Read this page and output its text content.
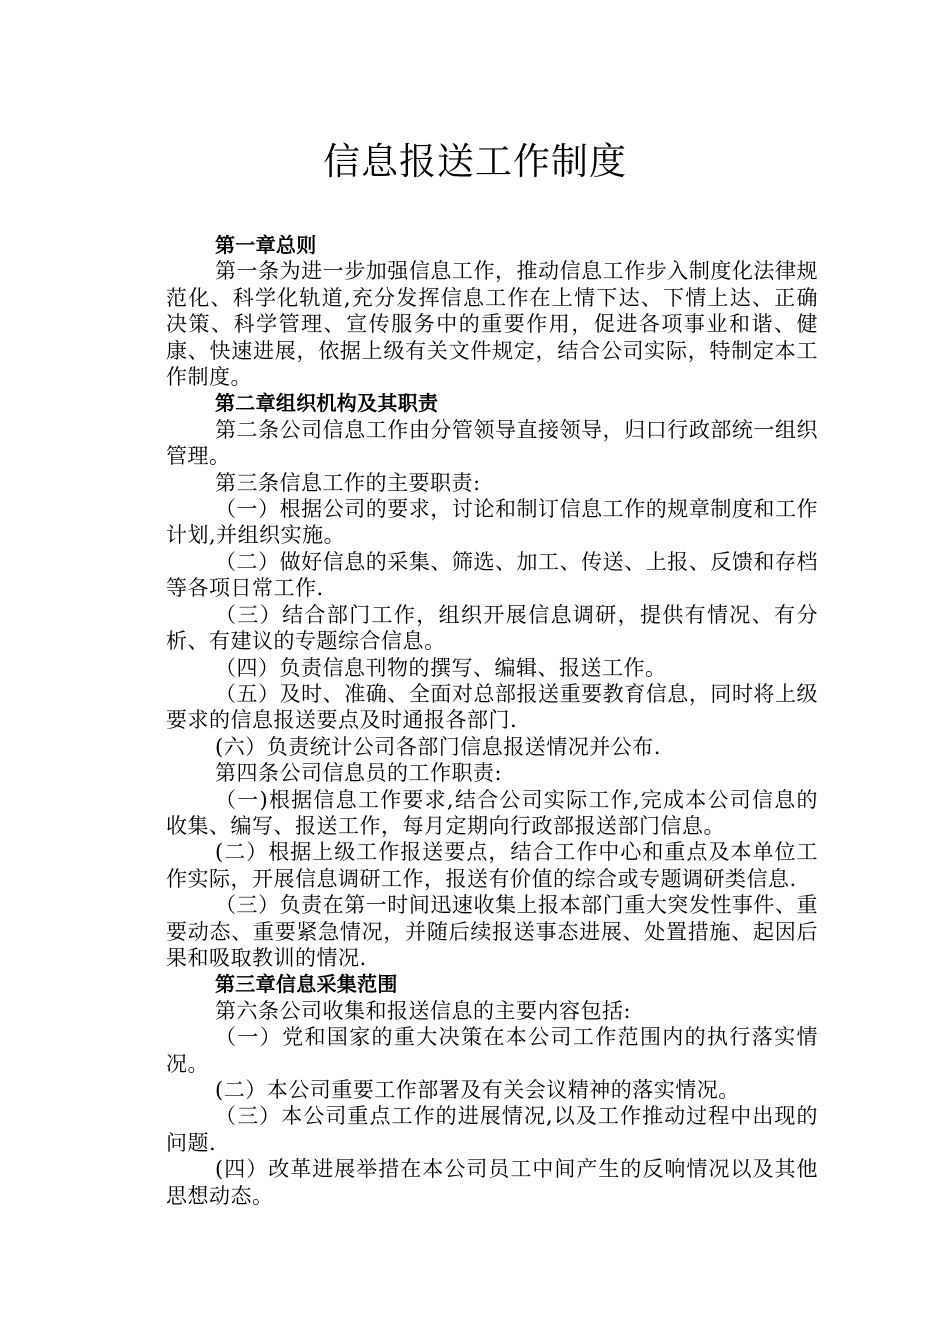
信息报送工作制度

第一章总则

第一条为进一步加强信息工作，推动信息工作步入制度化法律规范化、科学化轨道,充分发挥信息工作在上情下达、下情上达、正确决策、科学管理、宣传服务中的重要作用，促进各项事业和谐、健康、快速进展，依据上级有关文件规定，结合公司实际，特制定本工作制度。

第二章组织机构及其职责

第二条公司信息工作由分管领导直接领导，归口行政部统一组织管理。

第三条信息工作的主要职责:

（一）根据公司的要求，讨论和制订信息工作的规章制度和工作计划,并组织实施。

（二）做好信息的采集、筛选、加工、传送、上报、反馈和存档等各项日常工作.

（三）结合部门工作，组织开展信息调研，提供有情况、有分析、有建议的专题综合信息。

（四）负责信息刊物的撰写、编辑、报送工作。

（五）及时、准确、全面对总部报送重要教育信息，同时将上级要求的信息报送要点及时通报各部门.

(六）负责统计公司各部门信息报送情况并公布.

第四条公司信息员的工作职责:

（一)根据信息工作要求,结合公司实际工作,完成本公司信息的收集、编写、报送工作，每月定期向行政部报送部门信息。

(二）根据上级工作报送要点，结合工作中心和重点及本单位工作实际，开展信息调研工作，报送有价值的综合或专题调研类信息.

（三）负责在第一时间迅速收集上报本部门重大突发性事件、重要动态、重要紧急情况，并随后续报送事态进展、处置措施、起因后果和吸取教训的情况.

第三章信息采集范围

第六条公司收集和报送信息的主要内容包括:

（一）党和国家的重大决策在本公司工作范围内的执行落实情况。

(二）本公司重要工作部署及有关会议精神的落实情况。

（三）本公司重点工作的进展情况,以及工作推动过程中出现的问题.

(四）改革进展举措在本公司员工中间产生的反响情况以及其他思想动态。
